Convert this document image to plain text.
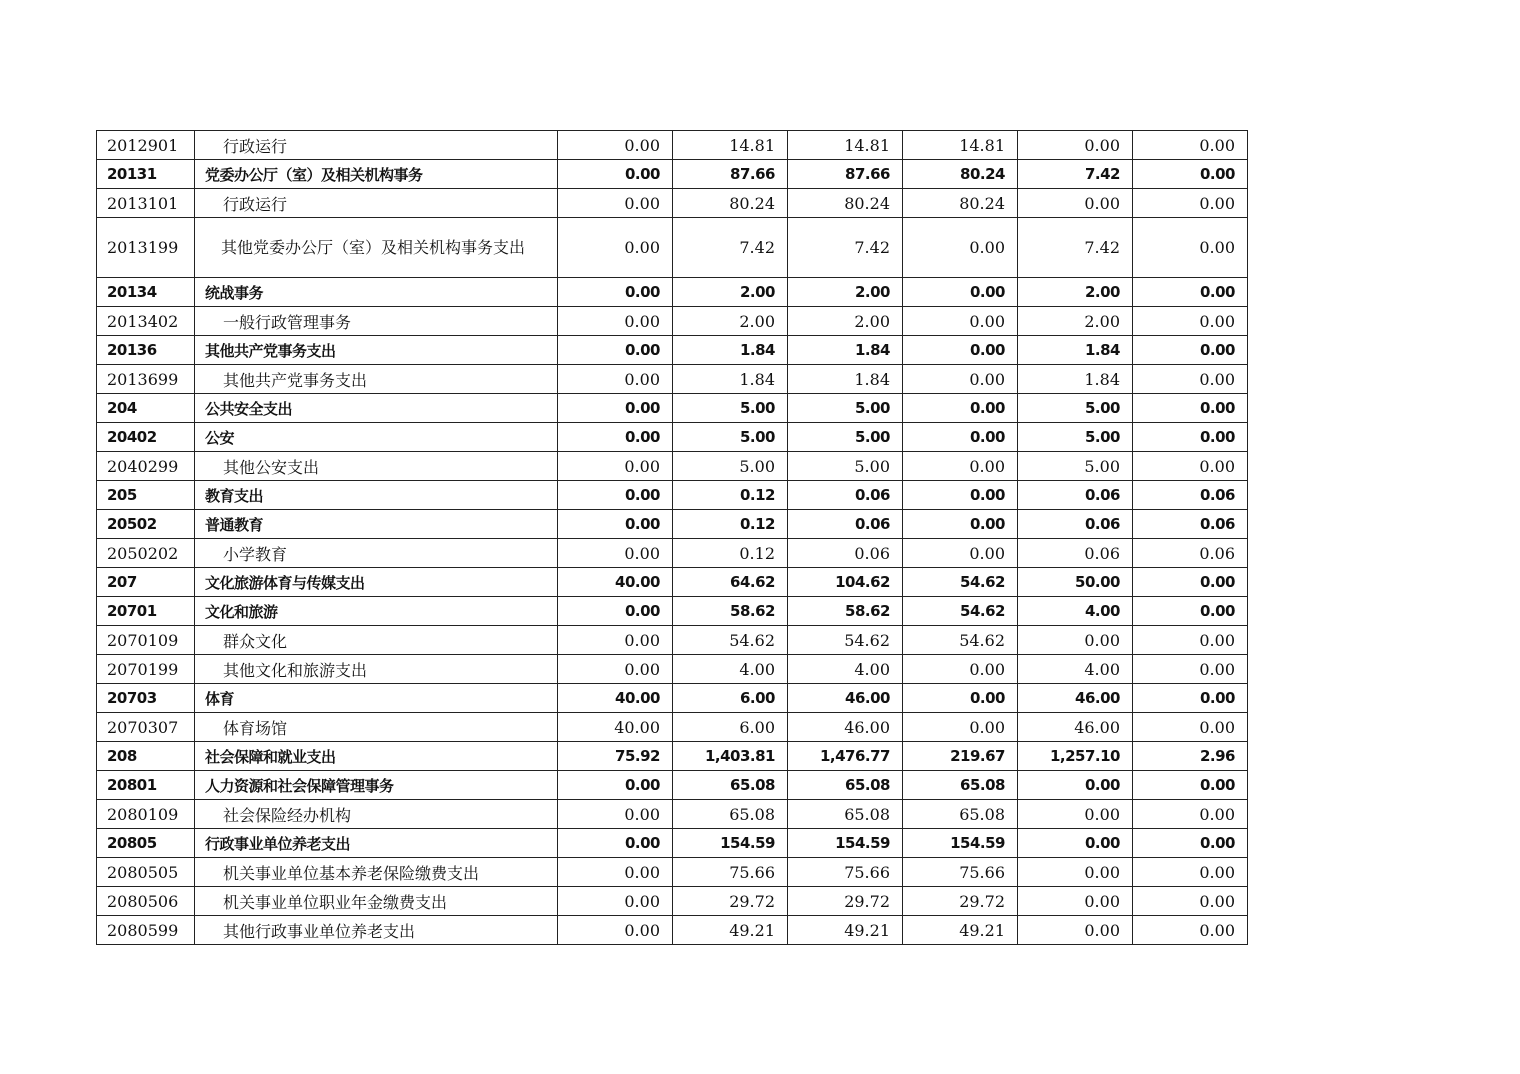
2012901	行政运行	0.00	14.81	14.81	14.81	0.00	0.00
20131	党委办公厅（室）及相关机构事务	0.00	87.66	87.66	80.24	7.42	0.00
2013101	行政运行	0.00	80.24	80.24	80.24	0.00	0.00
2013199	其他党委办公厅（室）及相关机构事务支出	0.00	7.42	7.42	0.00	7.42	0.00
20134	统战事务	0.00	2.00	2.00	0.00	2.00	0.00
2013402	一般行政管理事务	0.00	2.00	2.00	0.00	2.00	0.00
20136	其他共产党事务支出	0.00	1.84	1.84	0.00	1.84	0.00
2013699	其他共产党事务支出	0.00	1.84	1.84	0.00	1.84	0.00
204	公共安全支出	0.00	5.00	5.00	0.00	5.00	0.00
20402	公安	0.00	5.00	5.00	0.00	5.00	0.00
2040299	其他公安支出	0.00	5.00	5.00	0.00	5.00	0.00
205	教育支出	0.00	0.12	0.06	0.00	0.06	0.06
20502	普通教育	0.00	0.12	0.06	0.00	0.06	0.06
2050202	小学教育	0.00	0.12	0.06	0.00	0.06	0.06
207	文化旅游体育与传媒支出	40.00	64.62	104.62	54.62	50.00	0.00
20701	文化和旅游	0.00	58.62	58.62	54.62	4.00	0.00
2070109	群众文化	0.00	54.62	54.62	54.62	0.00	0.00
2070199	其他文化和旅游支出	0.00	4.00	4.00	0.00	4.00	0.00
20703	体育	40.00	6.00	46.00	0.00	46.00	0.00
2070307	体育场馆	40.00	6.00	46.00	0.00	46.00	0.00
208	社会保障和就业支出	75.92	1,403.81	1,476.77	219.67	1,257.10	2.96
20801	人力资源和社会保障管理事务	0.00	65.08	65.08	65.08	0.00	0.00
2080109	社会保险经办机构	0.00	65.08	65.08	65.08	0.00	0.00
20805	行政事业单位养老支出	0.00	154.59	154.59	154.59	0.00	0.00
2080505	机关事业单位基本养老保险缴费支出	0.00	75.66	75.66	75.66	0.00	0.00
2080506	机关事业单位职业年金缴费支出	0.00	29.72	29.72	29.72	0.00	0.00
2080599	其他行政事业单位养老支出	0.00	49.21	49.21	49.21	0.00	0.00
